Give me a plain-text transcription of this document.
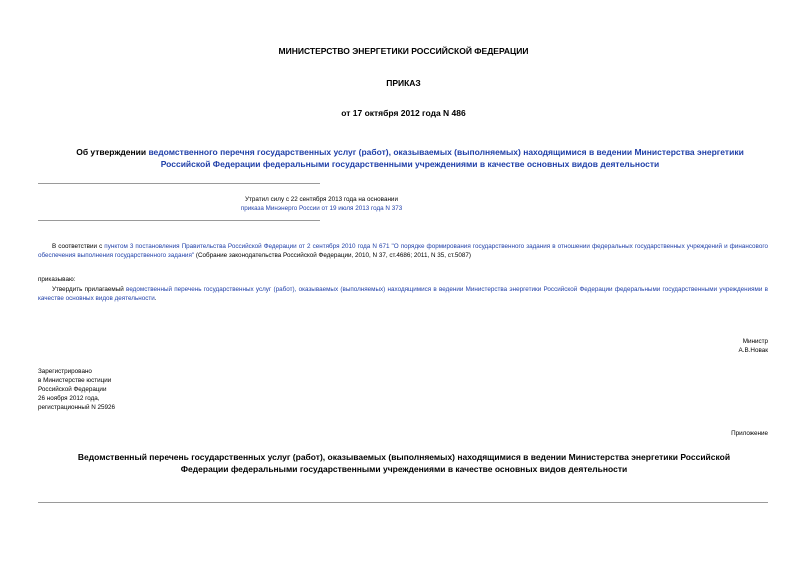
МИНИСТЕРСТВО ЭНЕРГЕТИКИ РОССИЙСКОЙ ФЕДЕРАЦИИ
ПРИКАЗ
от 17 октября 2012 года N 486
Об утверждении ведомственного перечня государственных услуг (работ), оказываемых (выполняемых) находящимися в ведении Министерства энергетики Российской Федерации федеральными государственными учреждениями в качестве основных видов деятельности
Утратил силу с 22 сентября 2013 года на основании
приказа Минэнерго России от 19 июля 2013 года N 373
В соответствии с пунктом 3 постановления Правительства Российской Федерации от 2 сентября 2010 года N 671 "О порядке формирования государственного задания в отношении федеральных государственных учреждений и финансового обеспечения выполнения государственного задания" (Собрание законодательства Российской Федерации, 2010, N 37, ст.4686; 2011, N 35, ст.5087)
приказываю:
Утвердить прилагаемый ведомственный перечень государственных услуг (работ), оказываемых (выполняемых) находящимися в ведении Министерства энергетики Российской Федерации федеральными государственными учреждениями в качестве основных видов деятельности.
Министр
А.В.Новак
Зарегистрировано
в Министерстве юстиции
Российской Федерации
26 ноября 2012 года,
регистрационный N 25926
Приложение
Ведомственный перечень государственных услуг (работ), оказываемых (выполняемых) находящимися в ведении Министерства энергетики Российской Федерации федеральными государственными учреждениями в качестве основных видов деятельности
